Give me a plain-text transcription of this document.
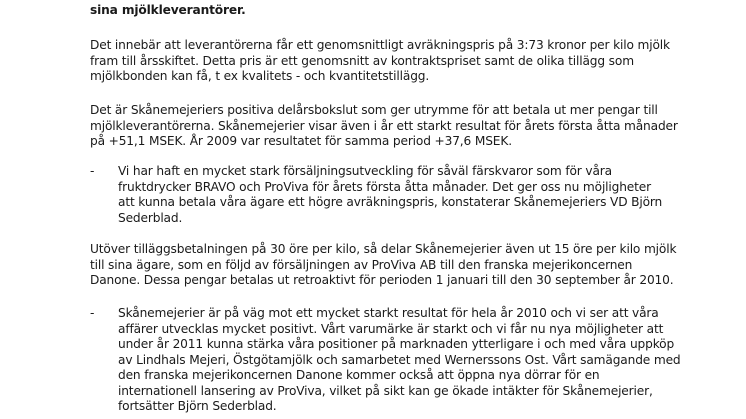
sina mjölkleverantörer.
Det innebär att leverantörerna får ett genomsnittligt avräkningspris på 3:73 kronor per kilo mjölk
fram till årsskiftet. Detta pris är ett genomsnitt av kontraktspriset samt de olika tillägg som
mjölkbonden kan få, t ex kvalitets - och kvantitetstillägg.
Det är Skånemejeriers positiva delårsbokslut som ger utrymme för att betala ut mer pengar till
mjölkleverantörerna. Skånemejerier visar även i år ett starkt resultat för årets första åtta månader
på +51,1 MSEK. År 2009 var resultatet för samma period +37,6 MSEK.
- Vi har haft en mycket stark försäljningsutveckling för såväl färskvaror som för våra
fruktdrycker BRAVO och ProViva för årets första åtta månader. Det ger oss nu möjligheter
att kunna betala våra ägare ett högre avräkningspris, konstaterar Skånemejeriers VD Björn
Sederblad.
Utöver tilläggsbetalningen på 30 öre per kilo, så delar Skånemejerier även ut 15 öre per kilo mjölk
till sina ägare, som en följd av försäljningen av ProViva AB till den franska mejerikoncernen
Danone. Dessa pengar betalas ut retroaktivt för perioden 1 januari till den 30 september år 2010.
- Skånemejerier är på väg mot ett mycket starkt resultat för hela år 2010 och vi ser att våra
affärer utvecklas mycket positivt. Vårt varumärke är starkt och vi får nu nya möjligheter att
under år 2011 kunna stärka våra positioner på marknaden ytterligare i och med våra uppköp
av Lindhals Mejeri, Östgötamjölk och samarbetet med Wernerssons Ost. Vårt samägande med
den franska mejerikoncernen Danone kommer också att öppna nya dörrar för en
internationell lansering av ProViva, vilket på sikt kan ge ökade intäkter för Skånemejerier,
fortsätter Björn Sederblad.
